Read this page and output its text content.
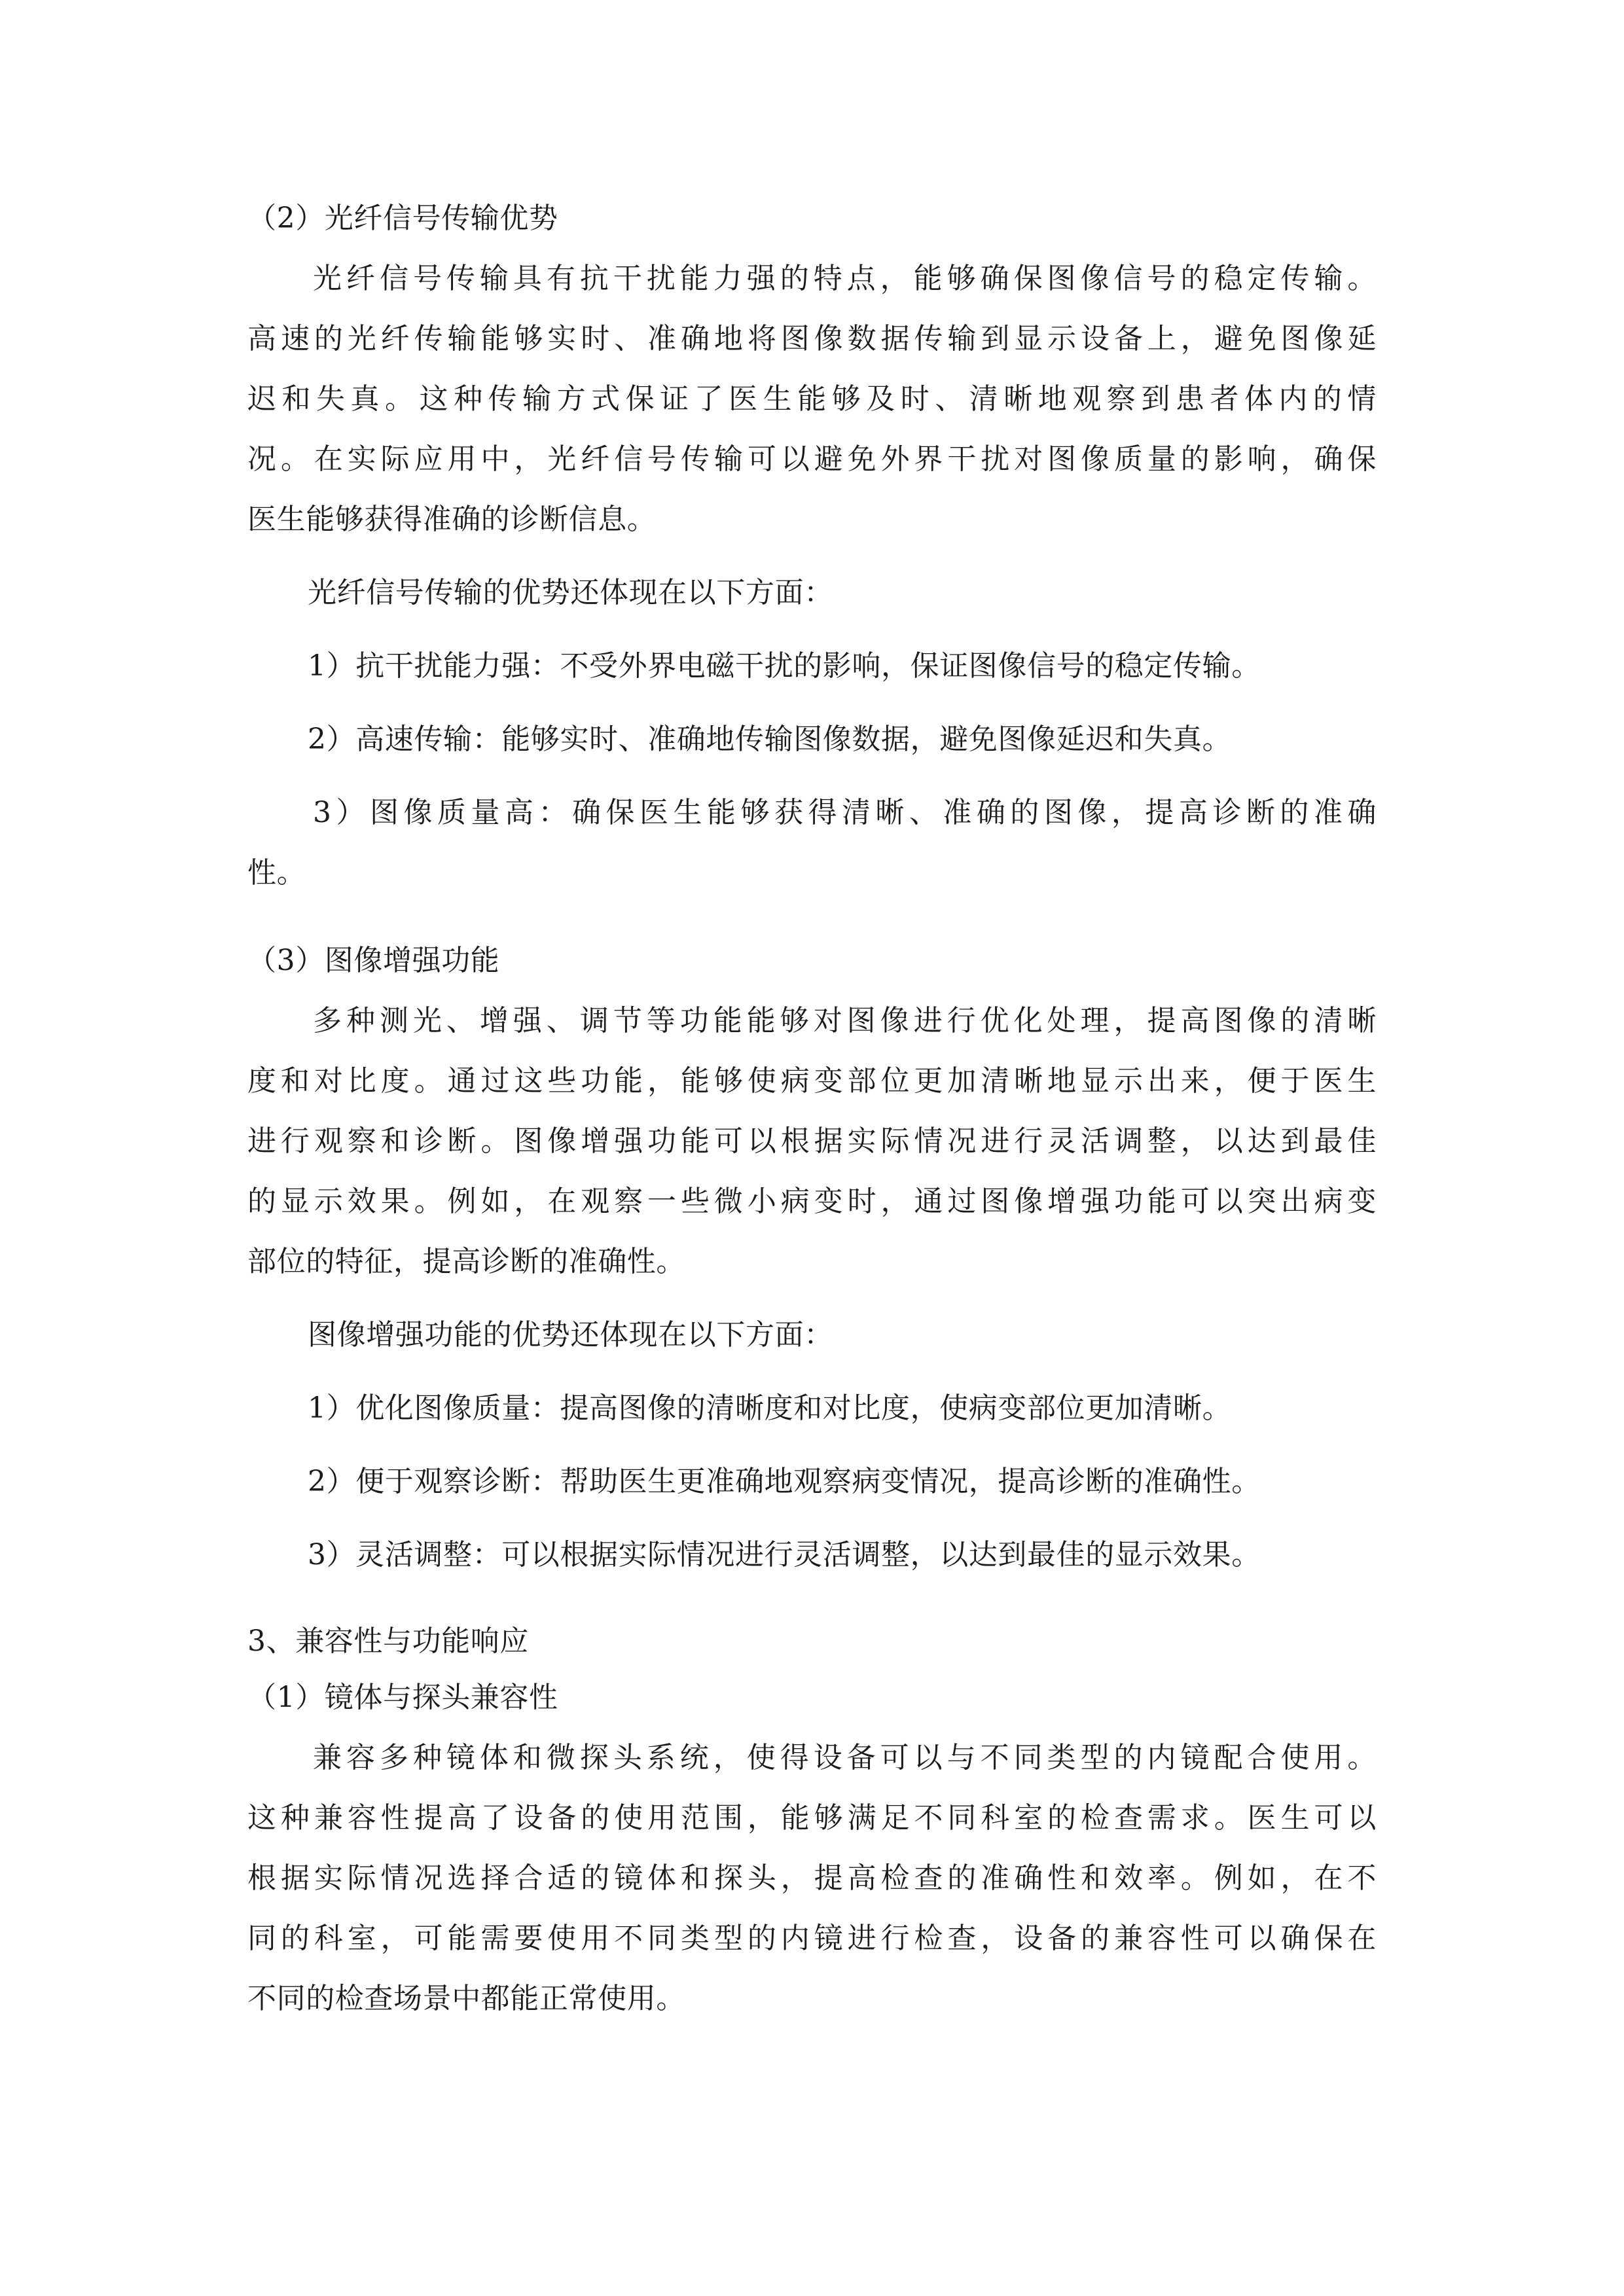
（2）光纤信号传输优势

光纤信号传输具有抗干扰能力强的特点，能够确保图像信号的稳定传输。

高速的光纤传输能够实时、准确地将图像数据传输到显示设备上，避免图像延

迟和失真。这种传输方式保证了医生能够及时、清晰地观察到患者体内的情

况。在实际应用中，光纤信号传输可以避免外界干扰对图像质量的影响，确保

医生能够获得准确的诊断信息。

光纤信号传输的优势还体现在以下方面：

1）抗干扰能力强：不受外界电磁干扰的影响，保证图像信号的稳定传输。

2）高速传输：能够实时、准确地传输图像数据，避免图像延迟和失真。

3）图像质量高：确保医生能够获得清晰、准确的图像，提高诊断的准确

性。

（3）图像增强功能

多种测光、增强、调节等功能能够对图像进行优化处理，提高图像的清晰

度和对比度。通过这些功能，能够使病变部位更加清晰地显示出来，便于医生

进行观察和诊断。图像增强功能可以根据实际情况进行灵活调整，以达到最佳

的显示效果。例如，在观察一些微小病变时，通过图像增强功能可以突出病变

部位的特征，提高诊断的准确性。

图像增强功能的优势还体现在以下方面：

1）优化图像质量：提高图像的清晰度和对比度，使病变部位更加清晰。

2）便于观察诊断：帮助医生更准确地观察病变情况，提高诊断的准确性。

3）灵活调整：可以根据实际情况进行灵活调整，以达到最佳的显示效果。

3、兼容性与功能响应

（1）镜体与探头兼容性

兼容多种镜体和微探头系统，使得设备可以与不同类型的内镜配合使用。

这种兼容性提高了设备的使用范围，能够满足不同科室的检查需求。医生可以

根据实际情况选择合适的镜体和探头，提高检查的准确性和效率。例如，在不

同的科室，可能需要使用不同类型的内镜进行检查，设备的兼容性可以确保在

不同的检查场景中都能正常使用。
